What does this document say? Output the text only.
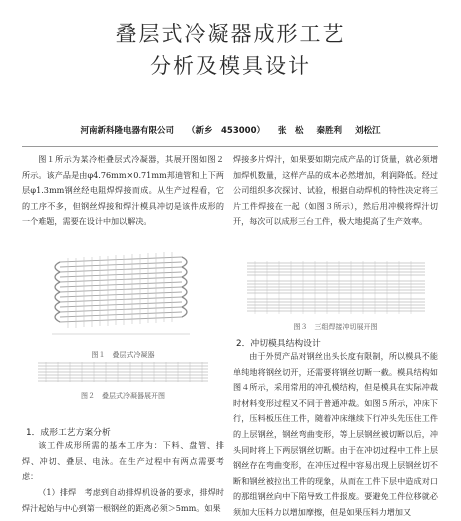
叠层式冷凝器成形工艺
分析及模具设计
河南新科隆电器有限公司 （新乡　453000） 张　松 秦胜利 刘松江

图１所示为某冷柜叠层式冷凝器，其展开图如图２所示。该产品是由φ4.76mm×0.71mm邦迪管和上下两层φ1.3mm钢丝经电阻焊焊接而成。从生产过程看，它的工序不多，但钢丝焊接和焊汁模具冲切是该件成形的一个难题，需要在设计中加以解决。

图１　叠层式冷凝器
图２　叠层式冷凝器展开图
1．成形工艺方案分析

该工件成形所需的基本工序为：下料、盘管、排焊、冲切、叠层、电泳。在生产过程中有两点需要考虑：

（1）排焊　考虑到自动排焊机设备的要求，排焊时焊汁起始与中心到第一根钢丝的距离必须＞5mm。如果

焊接多片焊汁，如果要如期完成产品的订货量，就必须增加焊机数量，这样产品的成本必然增加，利润降低。经过公司组织多次探讨、试验，根据自动焊机的特性决定将三片工件焊接在一起（如图３所示），然后用冲模将焊汁切开，每次可以成形三台工件，极大地提高了生产效率。

图３　三组焊接冲切展开图
2．冲切模具结构设计

由于外贸产品对钢丝出头长度有限制，所以模具不能单纯地将钢丝切开，还需要将钢丝切断一截。模具结构如图４所示，采用常用的冲孔模结构，但是模具在实际冲裁时材料变形过程又不同于普通冲裁。如图５所示，冲床下行，压料板压住工件，随着冲床继续下行冲头先压住工件的上层钢丝，钢丝弯曲变形，等上层钢丝被切断以后，冲头同时将上下两层钢丝切断。由于在冲切过程中工件上层钢丝存在弯曲变形，在冲压过程中容易出现上层钢丝切不断和钢丝被拉出工件的现象，从而在工件下层中造成对口的那组钢丝向中下陷导致工件报废。要避免工件位移就必须加大压料力以增加摩擦，但是如果压料力增加又
